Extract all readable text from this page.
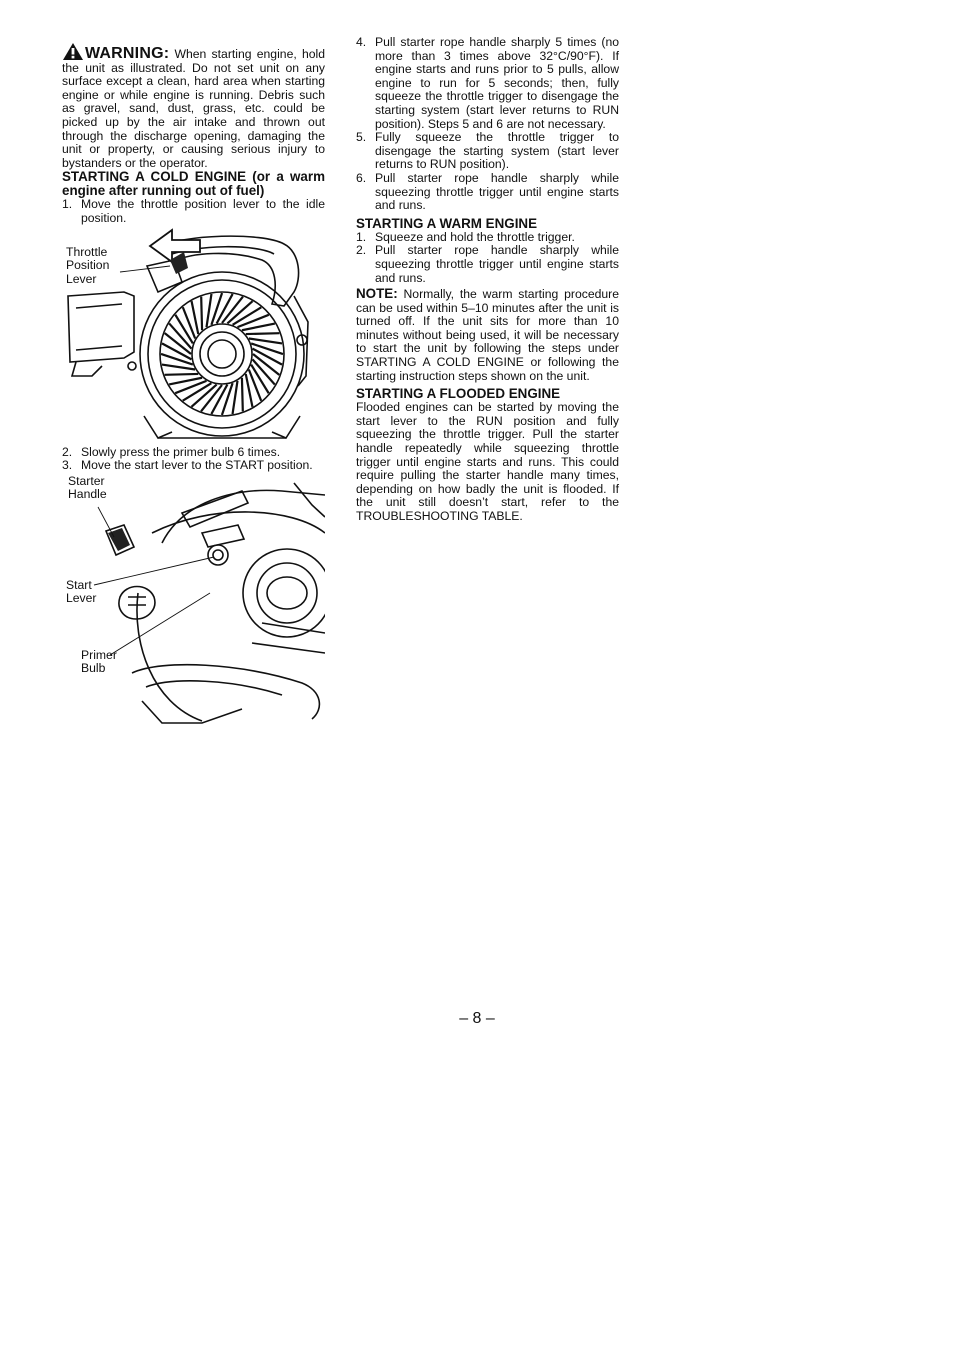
WARNING: When starting engine, hold the unit as illustrated. Do not set unit on any surface except a clean, hard area when starting engine or while engine is running. Debris such as gravel, sand, dust, grass, etc. could be picked up by the air intake and thrown out through the discharge opening, damaging the unit or property, or causing serious injury to bystanders or the operator.

STARTING A COLD ENGINE (or a warm engine after running out of fuel)
1. Move the throttle position lever to the idle position.
Throttle
Position
Lever
2. Slowly press the primer bulb 6 times.
3. Move the start lever to the START position.
Starter
Handle
Start
Lever
Primer
Bulb
4. Pull starter rope handle sharply 5 times (no more than 3 times above 32°C/90°F). If engine starts and runs prior to 5 pulls, allow engine to run for 5 seconds; then, fully squeeze the throttle trigger to disengage the starting system (start lever returns to RUN position). Steps 5 and 6 are not necessary.
5. Fully squeeze the throttle trigger to disengage the starting system (start lever returns to RUN position).
6. Pull starter rope handle sharply while squeezing throttle trigger until engine starts and runs.
STARTING A WARM ENGINE
1. Squeeze and hold the throttle trigger.
2. Pull starter rope handle sharply while squeezing throttle trigger until engine starts and runs.

NOTE: Normally, the warm starting procedure can be used within 5–10 minutes after the unit is turned off. If the unit sits for more than 10 minutes without being used, it will be necessary to start the unit by following the steps under STARTING A COLD ENGINE or following the starting instruction steps shown on the unit.

STARTING A FLOODED ENGINE

Flooded engines can be started by moving the start lever to the RUN position and fully squeezing the throttle trigger. Pull the starter handle repeatedly while squeezing throttle trigger until engine starts and runs. This could require pulling the starter handle many times, depending on how badly the unit is flooded. If the unit still doesn’t start, refer to the TROUBLESHOOTING TABLE.

– 8 –
